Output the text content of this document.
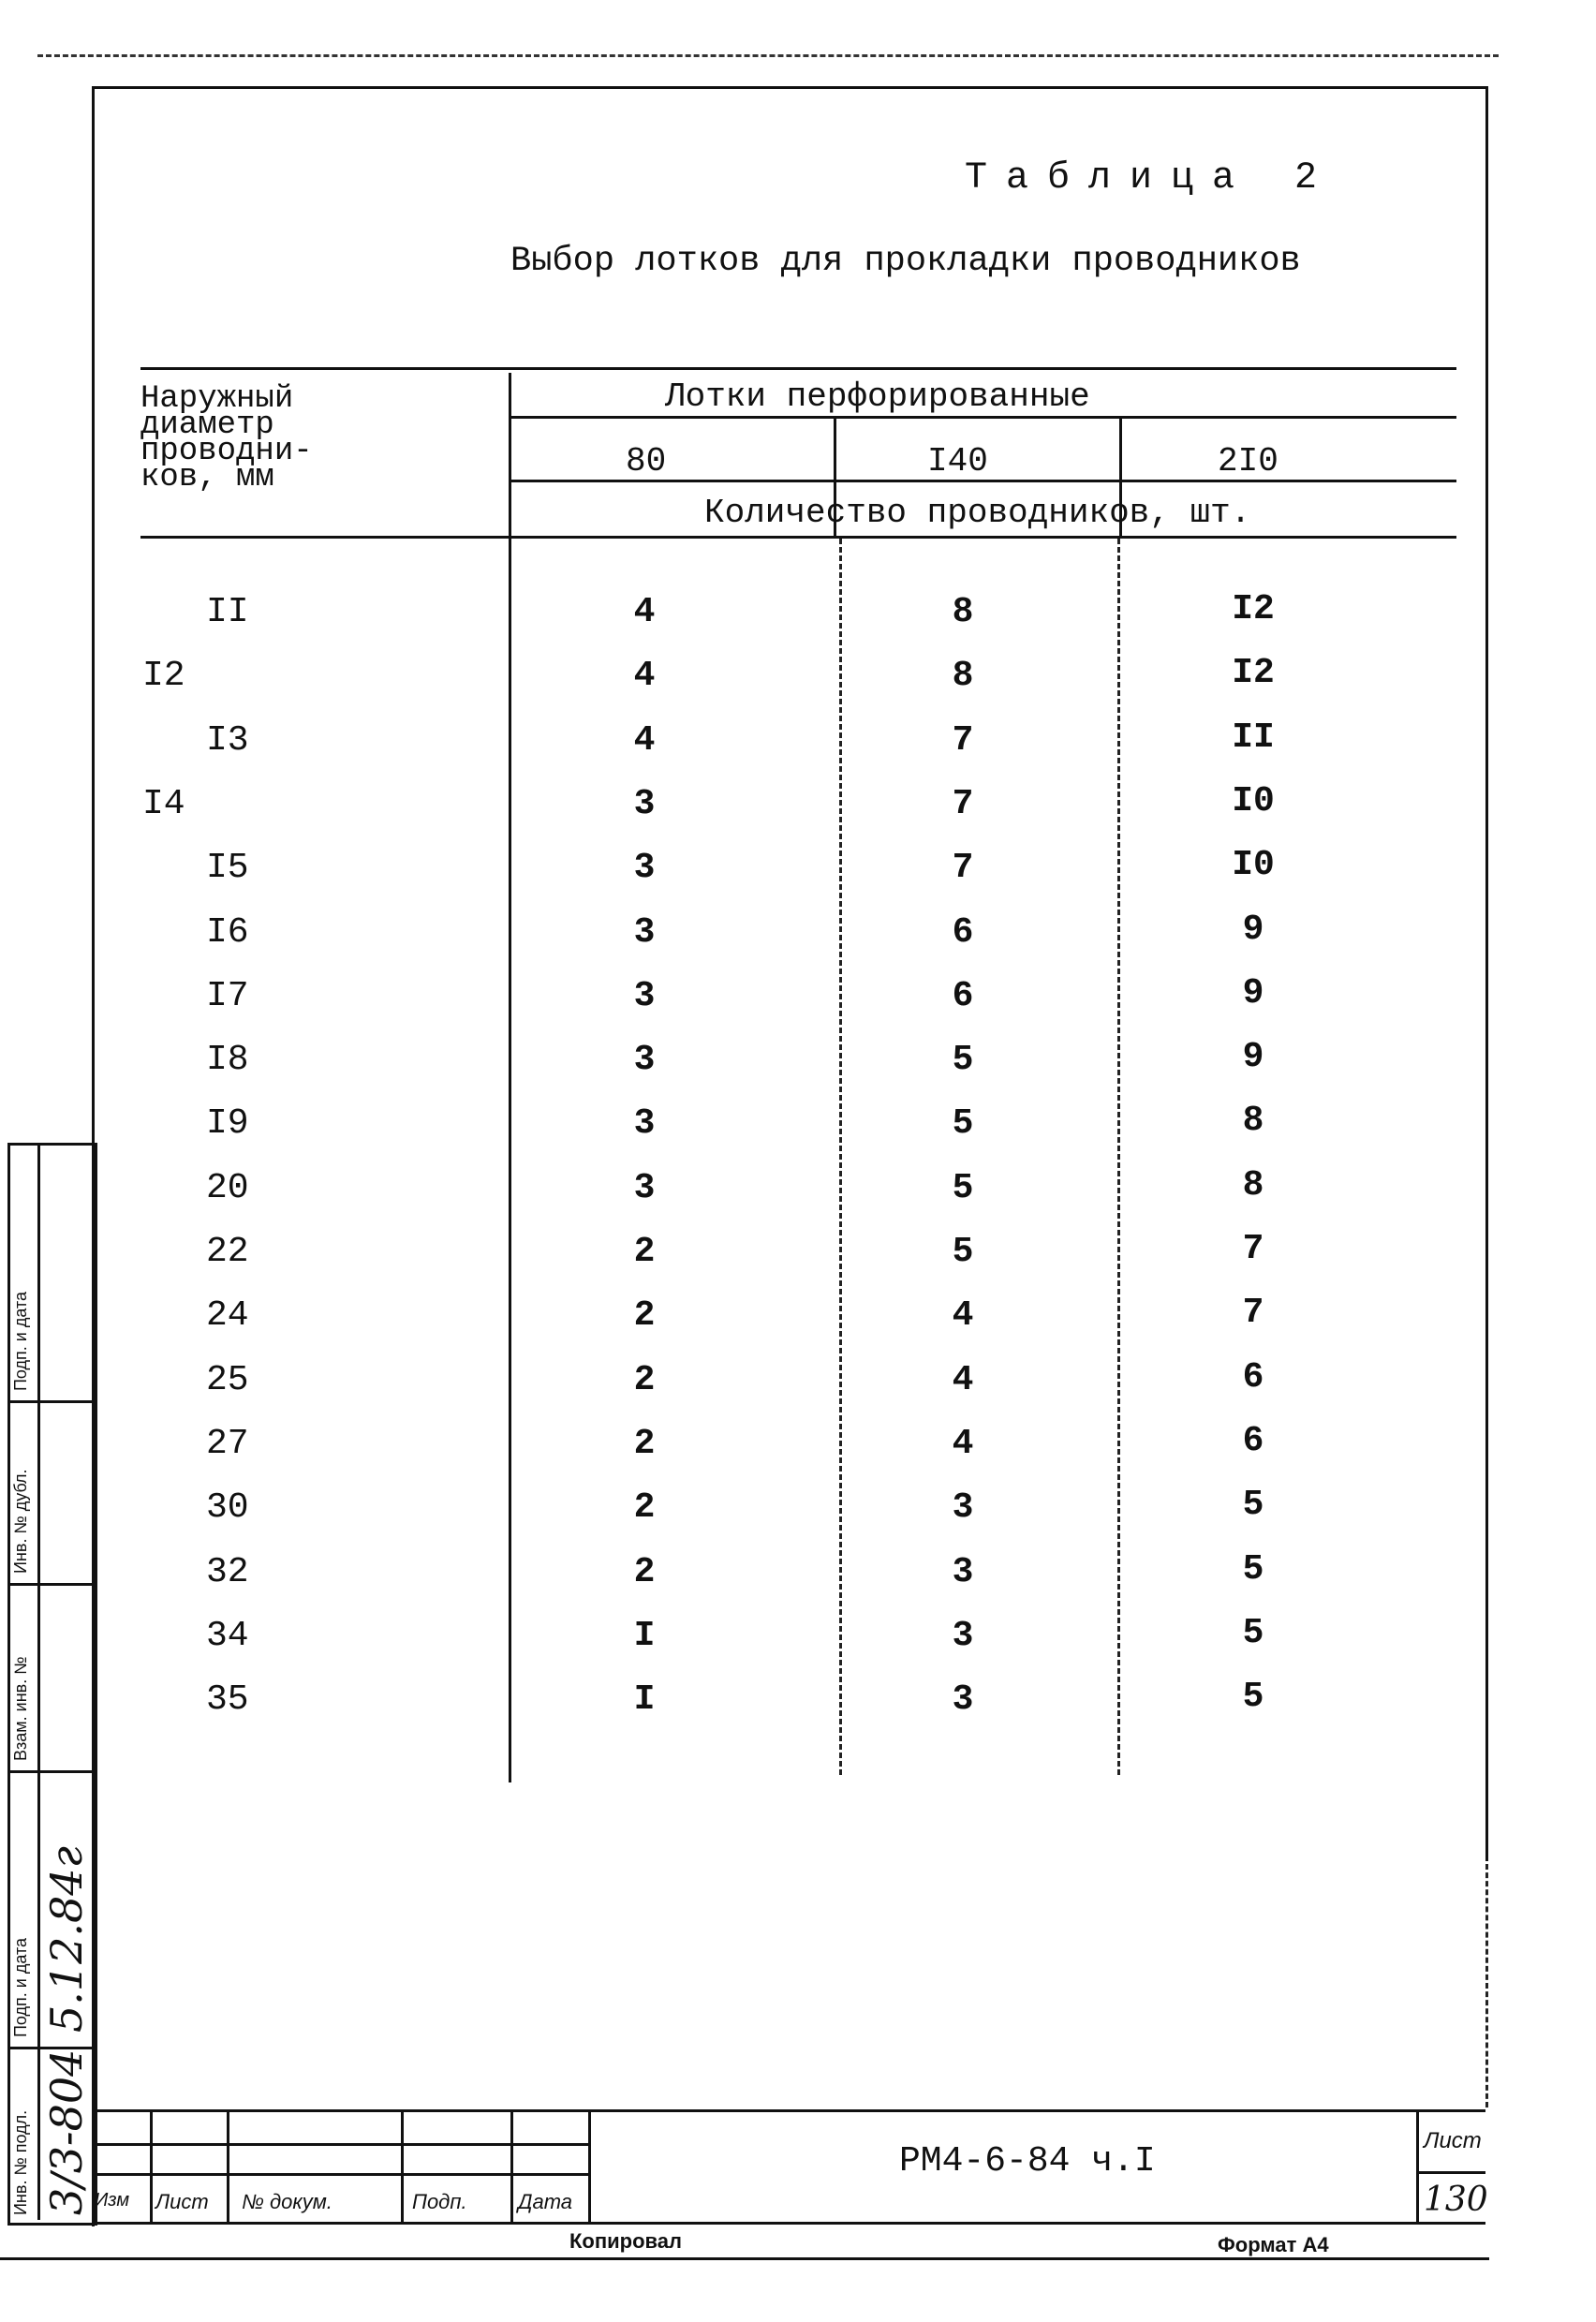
Таблица 2
Выбор лотков для прокладки проводников
Наружный диаметр проводни- ков, мм
Лотки перфорированные
80	I40	2I0
Количество проводников, шт.
II	4	8	I2
I2	4	8	I2
I3	4	7	II
I4	3	7	I0
I5	3	7	I0
I6	3	6	9
I7	3	6	9
I8	3	5	9
I9	3	5	8
20	3	5	8
22	2	5	7
24	2	4	7
25	2	4	6
27	2	4	6
30	2	3	5
32	2	3	5
34	I	3	5
35	I	3	5
Подп. и дата
Инв. № дубл.
Взам. инв. №
Подп. и дата
Инв. № подл.
5.12.84г
3/3-804 Изм Лист № докум.	Подп. Дата
РМ4-6-84 ч.I
Лист
130
Копировал	Формат А4
